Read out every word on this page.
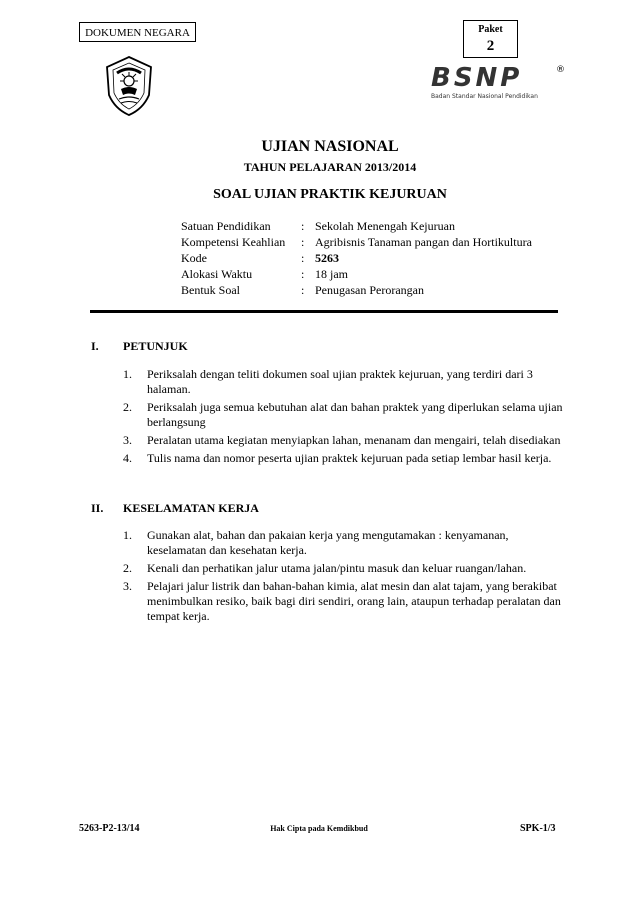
DOKUMEN NEGARA	Paket
2
BSNP
Badan Standar Nasional Pendidikan
®
UJIAN NASIONAL
TAHUN PELAJARAN 2013/2014
SOAL UJIAN PRAKTIK KEJURUAN
Satuan Pendidikan	: Sekolah Menengah Kejuruan
Kompetensi Keahlian : Agribisnis Tanaman pangan dan Hortikultura
Kode	: 5263
Alokasi Waktu	: 18 jam
Bentuk Soal	: Penugasan Perorangan
I. PETUNJUK
1. Periksalah dengan teliti dokumen soal ujian praktek kejuruan, yang terdiri dari 3 halaman.
2. Periksalah juga semua kebutuhan alat dan bahan praktek yang diperlukan selama ujian berlangsung
3. Peralatan utama kegiatan menyiapkan lahan, menanam dan mengairi, telah disediakan
4. Tulis nama dan nomor peserta ujian praktek kejuruan pada setiap lembar hasil kerja.
II. KESELAMATAN KERJA
1. Gunakan alat, bahan dan pakaian kerja yang mengutamakan : kenyamanan, keselamatan dan kesehatan kerja.
2. Kenali dan perhatikan jalur utama jalan/pintu masuk dan keluar ruangan/lahan.
3. Pelajari jalur listrik dan bahan-bahan kimia, alat mesin dan alat tajam, yang berakibat menimbulkan resiko, baik bagi diri sendiri, orang lain, ataupun terhadap peralatan dan tempat kerja.
5263-P2-13/14	Hak Cipta pada Kemdikbud	SPK-1/3
